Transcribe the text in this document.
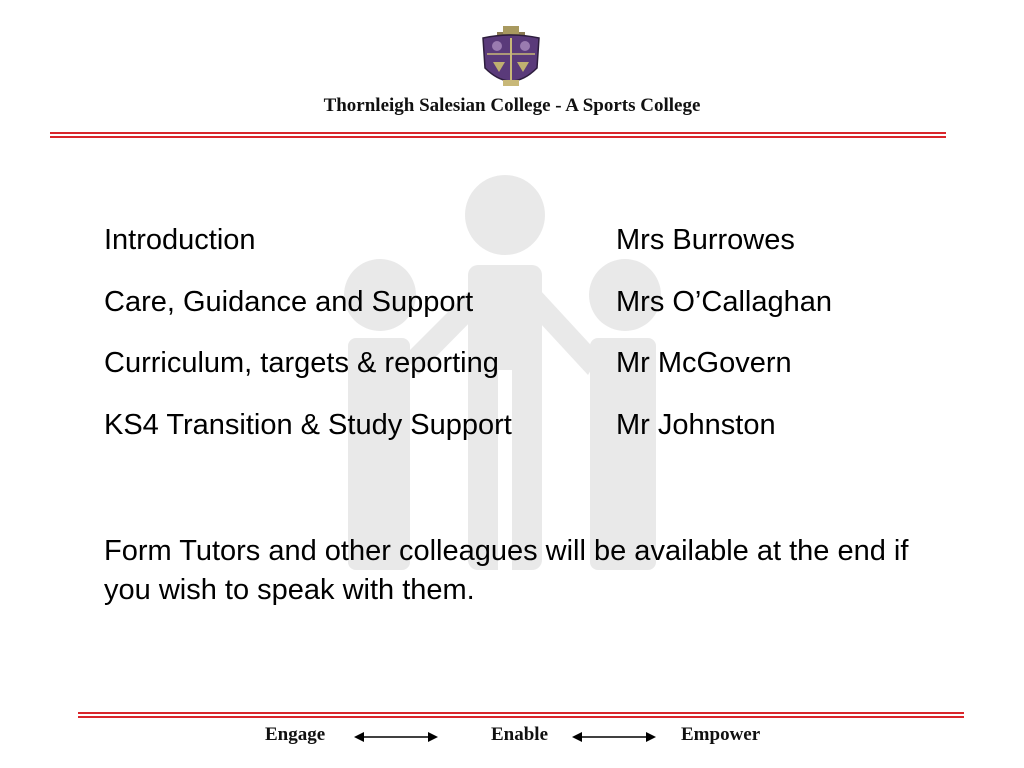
Thornleigh Salesian College - A Sports College
Introduction	Mrs Burrowes
Care, Guidance and Support	Mrs O’Callaghan
Curriculum, targets & reporting	Mr McGovern
KS4 Transition & Study Support	Mr Johnston
Form Tutors and other colleagues will be available at the end if you wish to speak with them.
Engage	Enable	Empower
